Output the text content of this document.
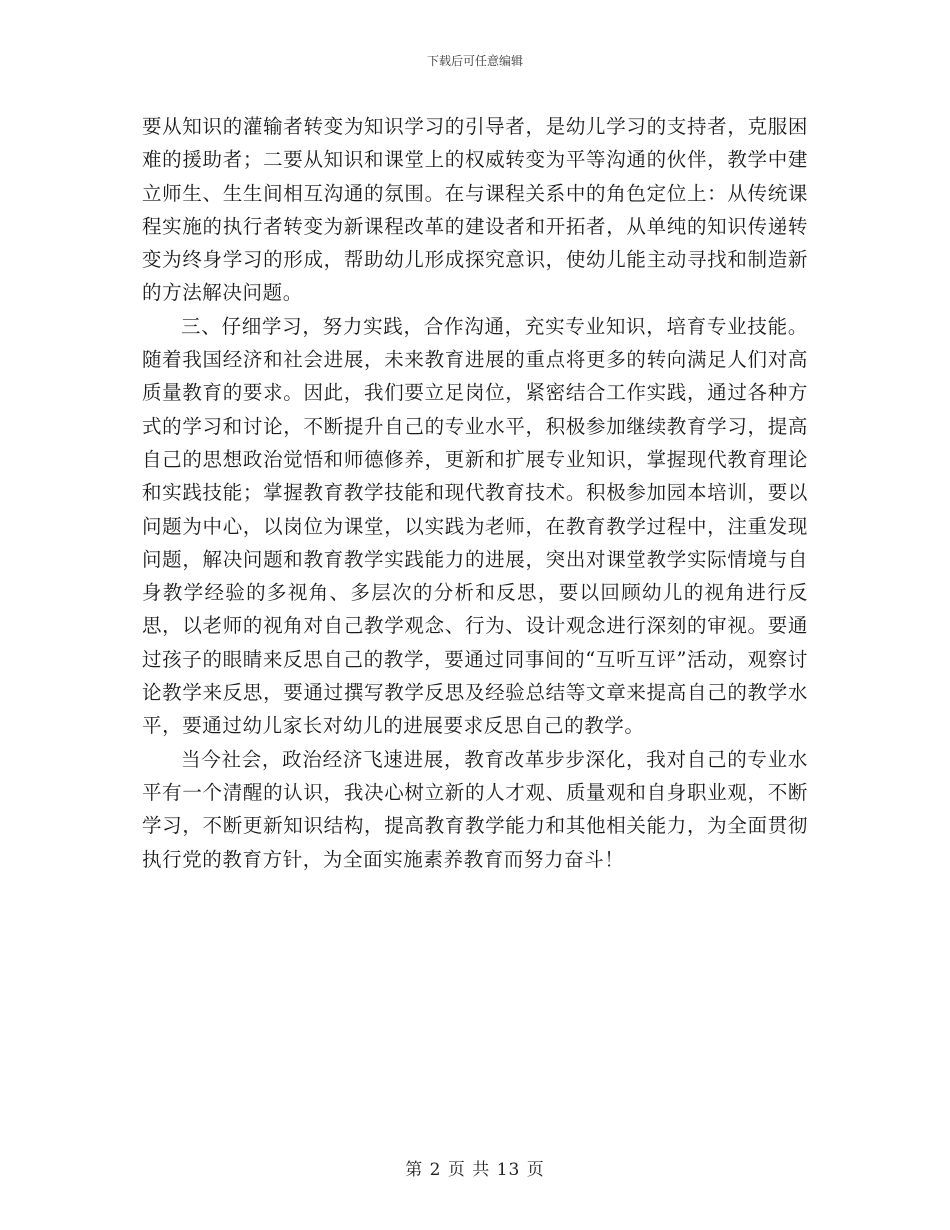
下载后可任意编辑

要从知识的灌输者转变为知识学习的引导者，是幼儿学习的支持者，克服困难的援助者；二要从知识和课堂上的权威转变为平等沟通的伙伴，教学中建立师生、生生间相互沟通的氛围。在与课程关系中的角色定位上：从传统课程实施的执行者转变为新课程改革的建设者和开拓者，从单纯的知识传递转变为终身学习的形成，帮助幼儿形成探究意识，使幼儿能主动寻找和制造新的方法解决问题。

三、仔细学习，努力实践，合作沟通，充实专业知识，培育专业技能。随着我国经济和社会进展，未来教育进展的重点将更多的转向满足人们对高质量教育的要求。因此，我们要立足岗位，紧密结合工作实践，通过各种方式的学习和讨论，不断提升自己的专业水平，积极参加继续教育学习，提高自己的思想政治觉悟和师德修养，更新和扩展专业知识，掌握现代教育理论和实践技能；掌握教育教学技能和现代教育技术。积极参加园本培训，要以问题为中心，以岗位为课堂，以实践为老师，在教育教学过程中，注重发现问题，解决问题和教育教学实践能力的进展，突出对课堂教学实际情境与自身教学经验的多视角、多层次的分析和反思，要以回顾幼儿的视角进行反思，以老师的视角对自己教学观念、行为、设计观念进行深刻的审视。要通过孩子的眼睛来反思自己的教学，要通过同事间的“互听互评”活动，观察讨论教学来反思，要通过撰写教学反思及经验总结等文章来提高自己的教学水平，要通过幼儿家长对幼儿的进展要求反思自己的教学。

当今社会，政治经济飞速进展，教育改革步步深化，我对自己的专业水平有一个清醒的认识，我决心树立新的人才观、质量观和自身职业观，不断学习，不断更新知识结构，提高教育教学能力和其他相关能力，为全面贯彻执行党的教育方针，为全面实施素养教育而努力奋斗！

第 2 页 共 13 页
